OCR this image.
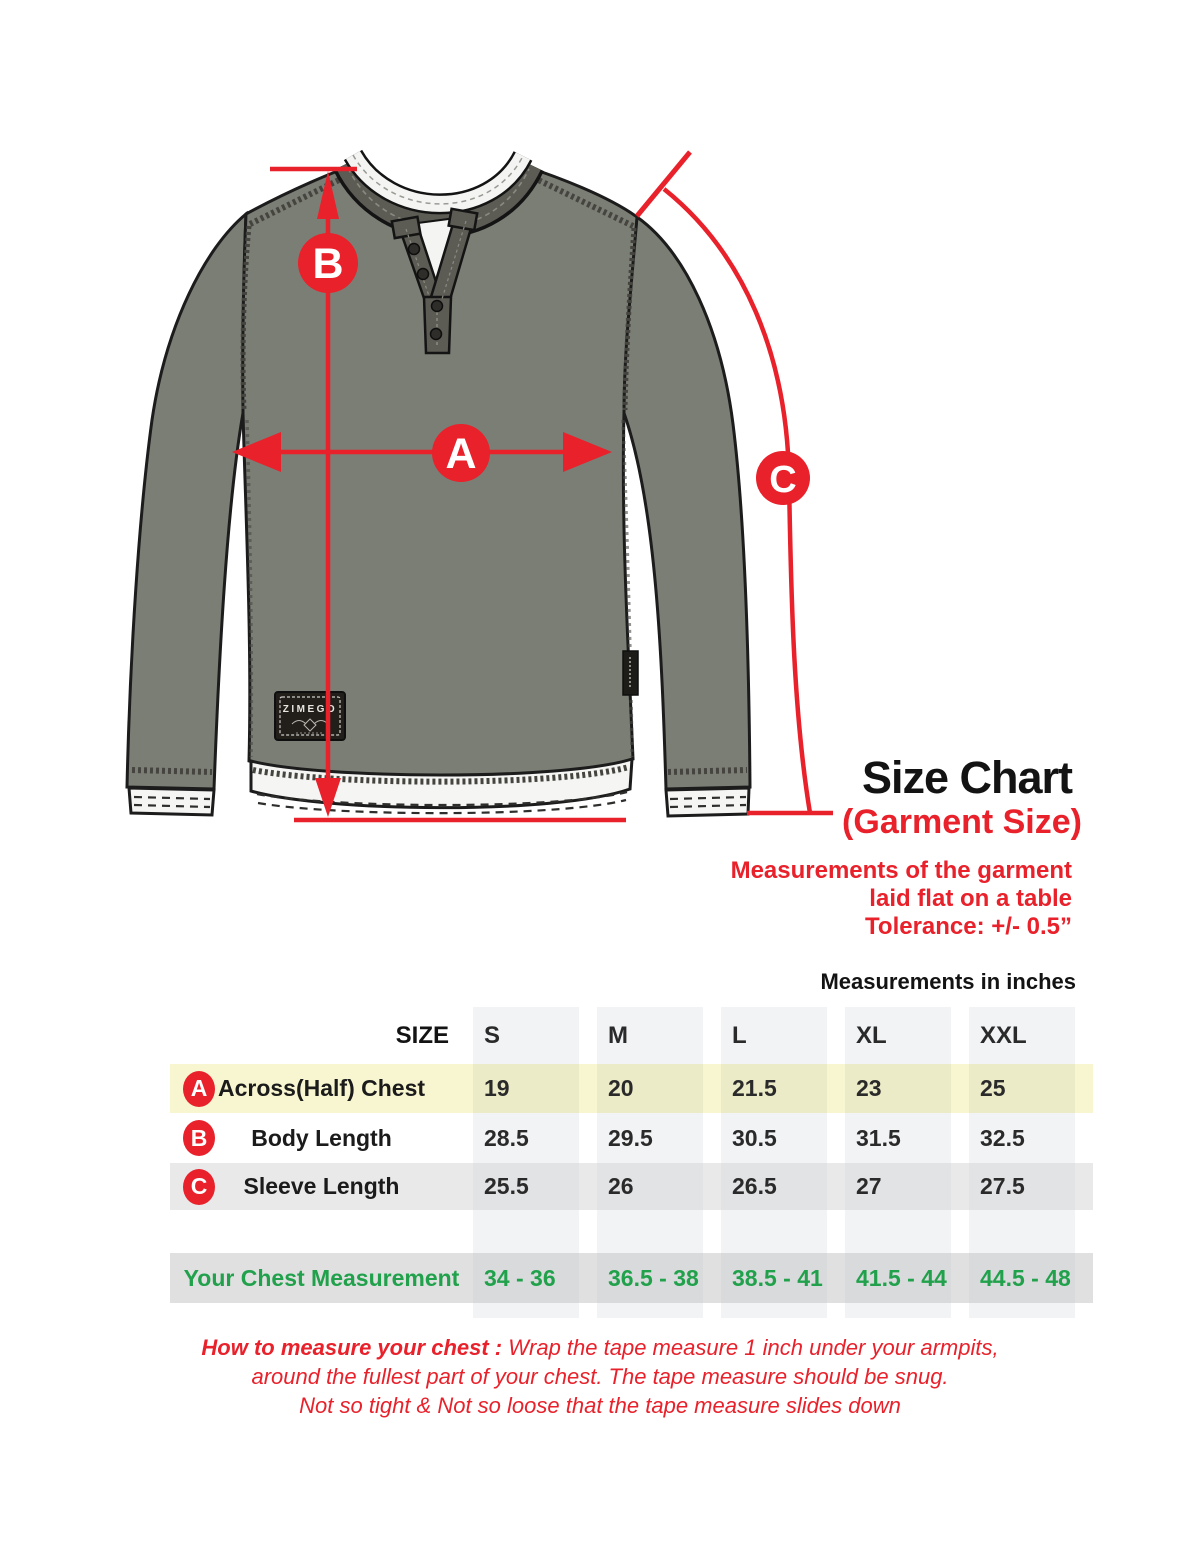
ZIMEGO
B
A
C
Size Chart
(Garment Size)
Measurements of the garment
laid flat on a table
Tolerance: +/- 0.5”
Measurements in inches
SIZE	S	M	L	XL	XXL
A Across(Half) Chest	19	20	21.5	23	25
B	Body Length	28.5	29.5	30.5	31.5	32.5
C	Sleeve Length	25.5	26	26.5	27	27.5
Your Chest Measurement	34 - 36	36.5 - 38	38.5 - 41	41.5 - 44	44.5 - 48
How to measure your chest : Wrap the tape measure 1 inch under your armpits,
around the fullest part of your chest. The tape measure should be snug.
Not so tight & Not so loose that the tape measure slides down
